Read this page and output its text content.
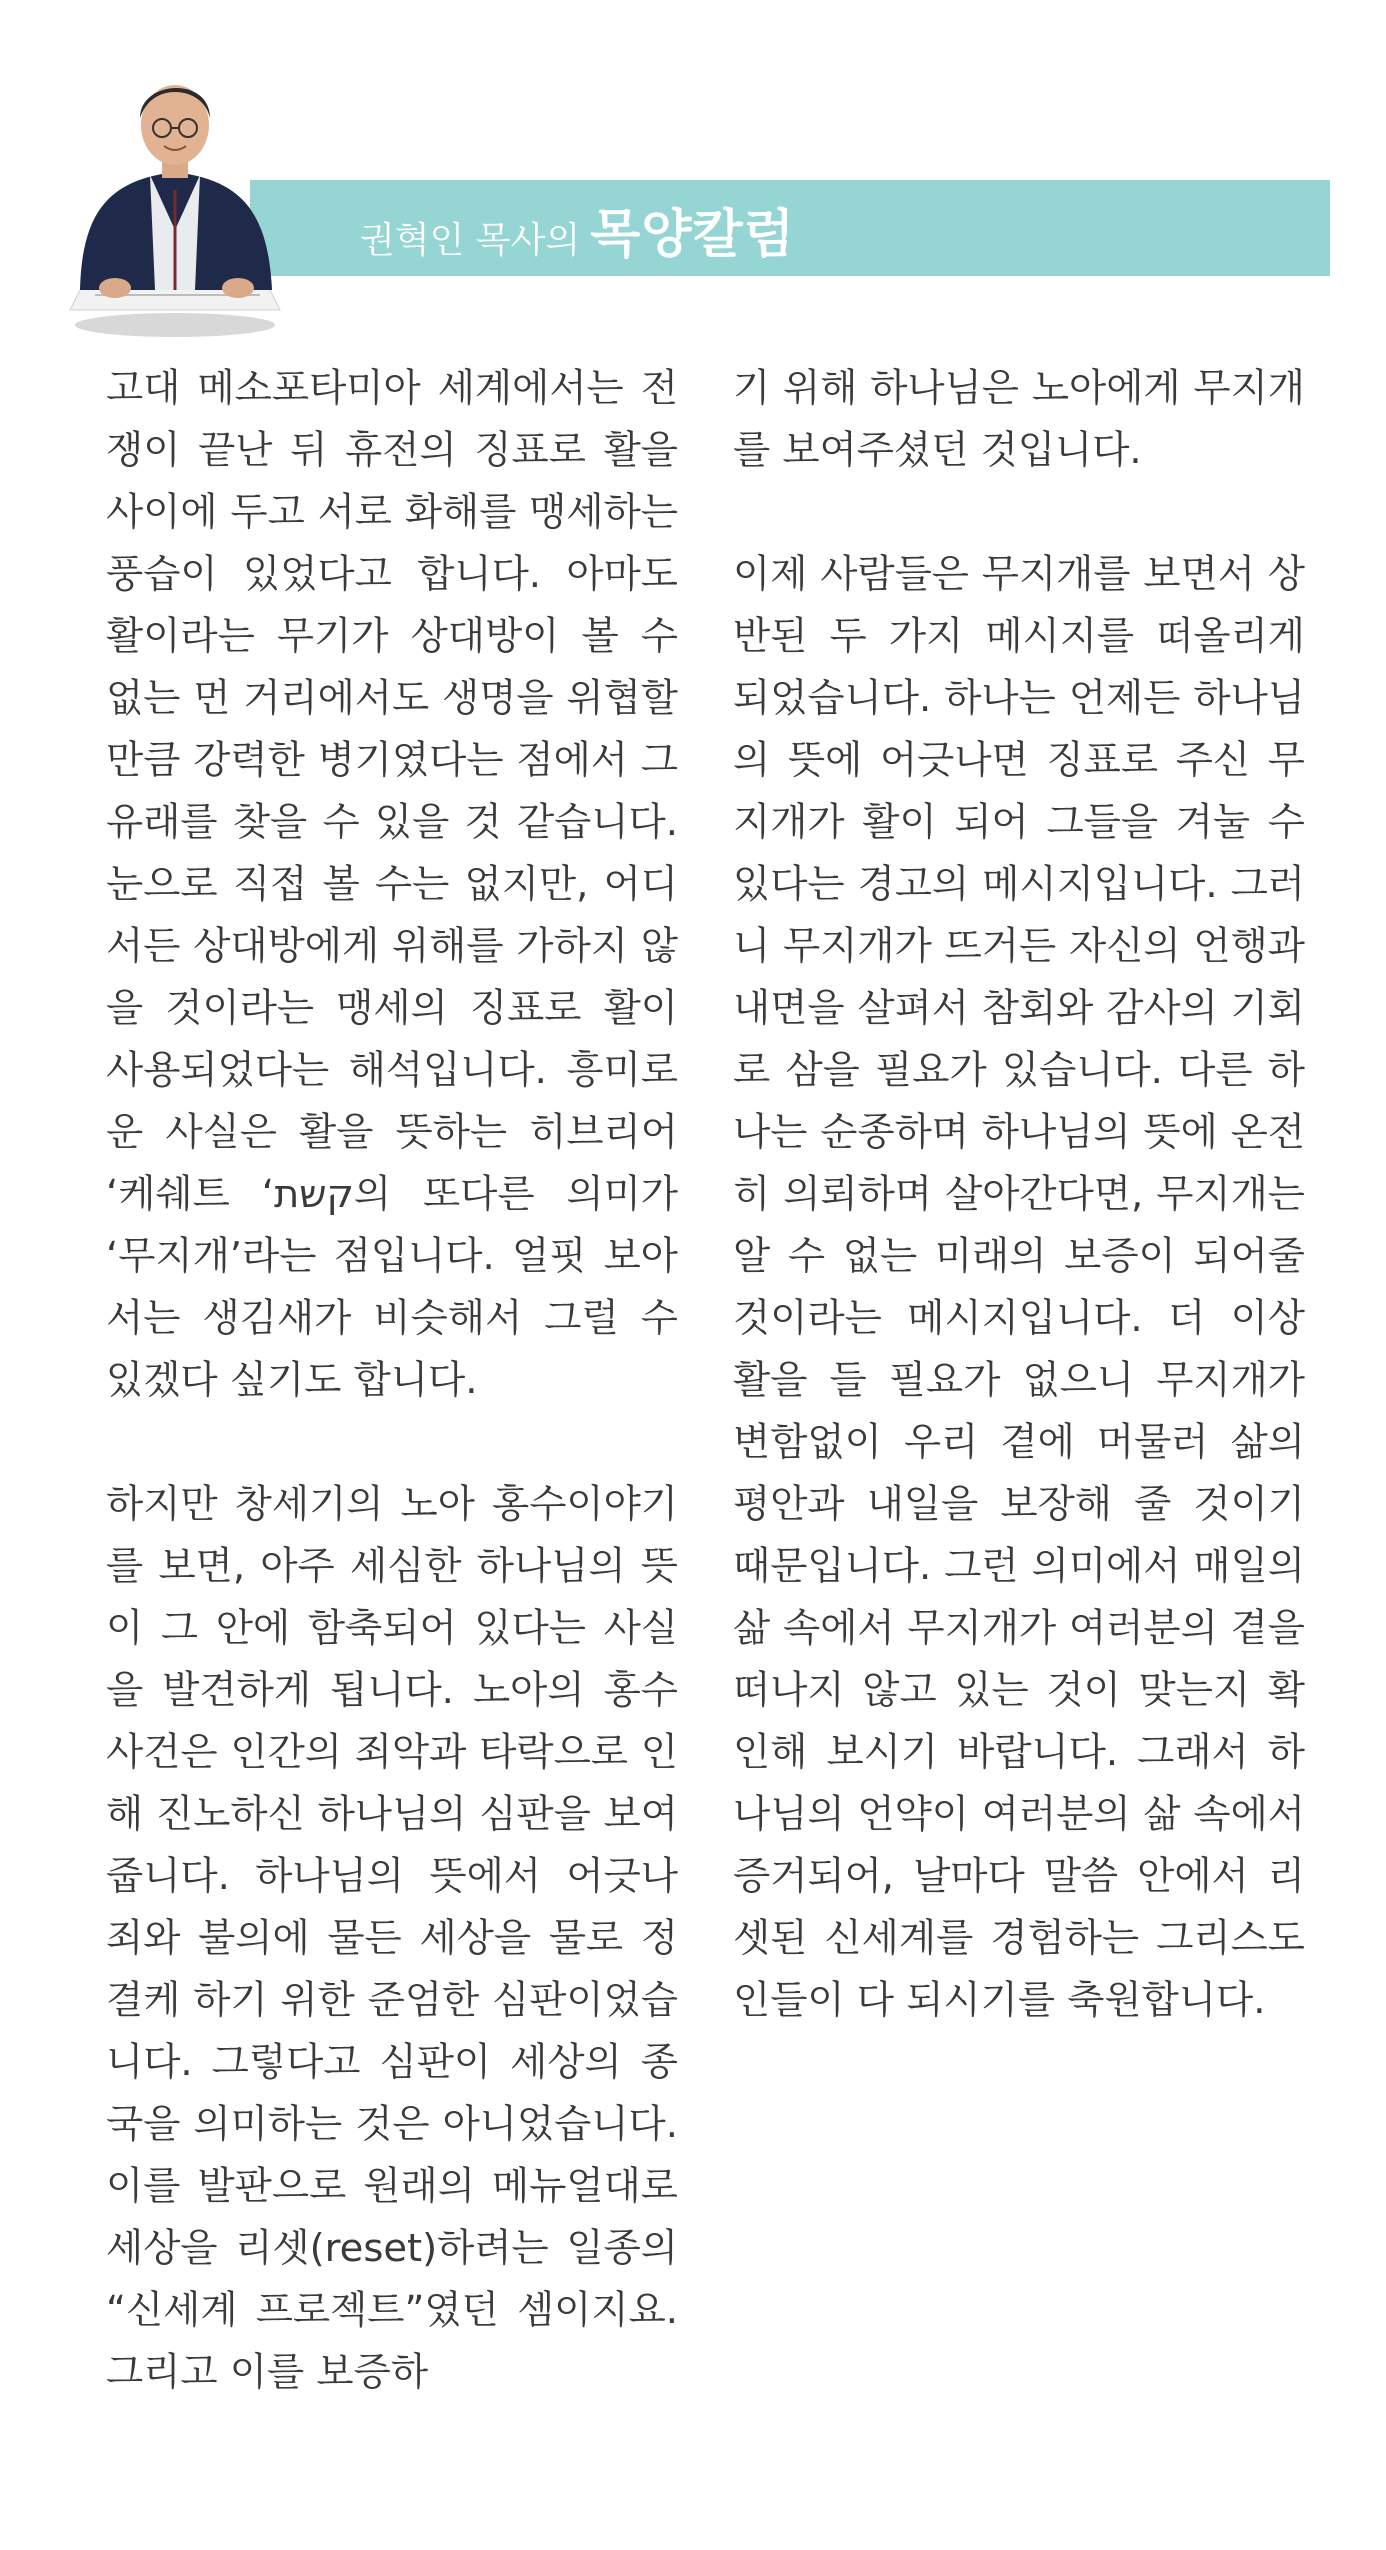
권혁인 목사의 목양칼럼

고대 메소포타미아 세계에서는 전쟁이 끝난 뒤 휴전의 징표로 활을 사이에 두고 서로 화해를 맹세하는 풍습이 있었다고 합니다. 아마도 활이라는 무기가 상대방이 볼 수 없는 먼 거리에서도 생명을 위협할만큼 강력한 병기였다는 점에서 그 유래를 찾을 수 있을 것 같습니다. 눈으로 직접 볼 수는 없지만, 어디서든 상대방에게 위해를 가하지 않을 것이라는 맹세의 징표로 활이 사용되었다는 해석입니다. 흥미로운 사실은 활을 뜻하는 히브리어 ‘케쉐트 ‘קשת의 또다른 의미가 ‘무지개’라는 점입니다. 얼핏 보아서는 생김새가 비슷해서 그럴 수 있겠다 싶기도 합니다.

하지만 창세기의 노아 홍수이야기를 보면, 아주 세심한 하나님의 뜻이 그 안에 함축되어 있다는 사실을 발견하게 됩니다. 노아의 홍수사건은 인간의 죄악과 타락으로 인해 진노하신 하나님의 심판을 보여줍니다. 하나님의 뜻에서 어긋나 죄와 불의에 물든 세상을 물로 정결케 하기 위한 준엄한 심판이었습니다. 그렇다고 심판이 세상의 종국을 의미하는 것은 아니었습니다. 이를 발판으로 원래의 메뉴얼대로 세상을 리셋(reset)하려는 일종의 “신세계 프로젝트”였던 셈이지요. 그리고 이를 보증하

기 위해 하나님은 노아에게 무지개를 보여주셨던 것입니다.

이제 사람들은 무지개를 보면서 상반된 두 가지 메시지를 떠올리게 되었습니다. 하나는 언제든 하나님의 뜻에 어긋나면 징표로 주신 무지개가 활이 되어 그들을 겨눌 수 있다는 경고의 메시지입니다. 그러니 무지개가 뜨거든 자신의 언행과 내면을 살펴서 참회와 감사의 기회로 삼을 필요가 있습니다. 다른 하나는 순종하며 하나님의 뜻에 온전히 의뢰하며 살아간다면, 무지개는 알 수 없는 미래의 보증이 되어줄 것이라는 메시지입니다. 더 이상 활을 들 필요가 없으니 무지개가 변함없이 우리 곁에 머물러 삶의 평안과 내일을 보장해 줄 것이기 때문입니다. 그런 의미에서 매일의 삶 속에서 무지개가 여러분의 곁을 떠나지 않고 있는 것이 맞는지 확인해 보시기 바랍니다. 그래서 하나님의 언약이 여러분의 삶 속에서 증거되어, 날마다 말씀 안에서 리셋된 신세계를 경험하는 그리스도인들이 다 되시기를 축원합니다.
